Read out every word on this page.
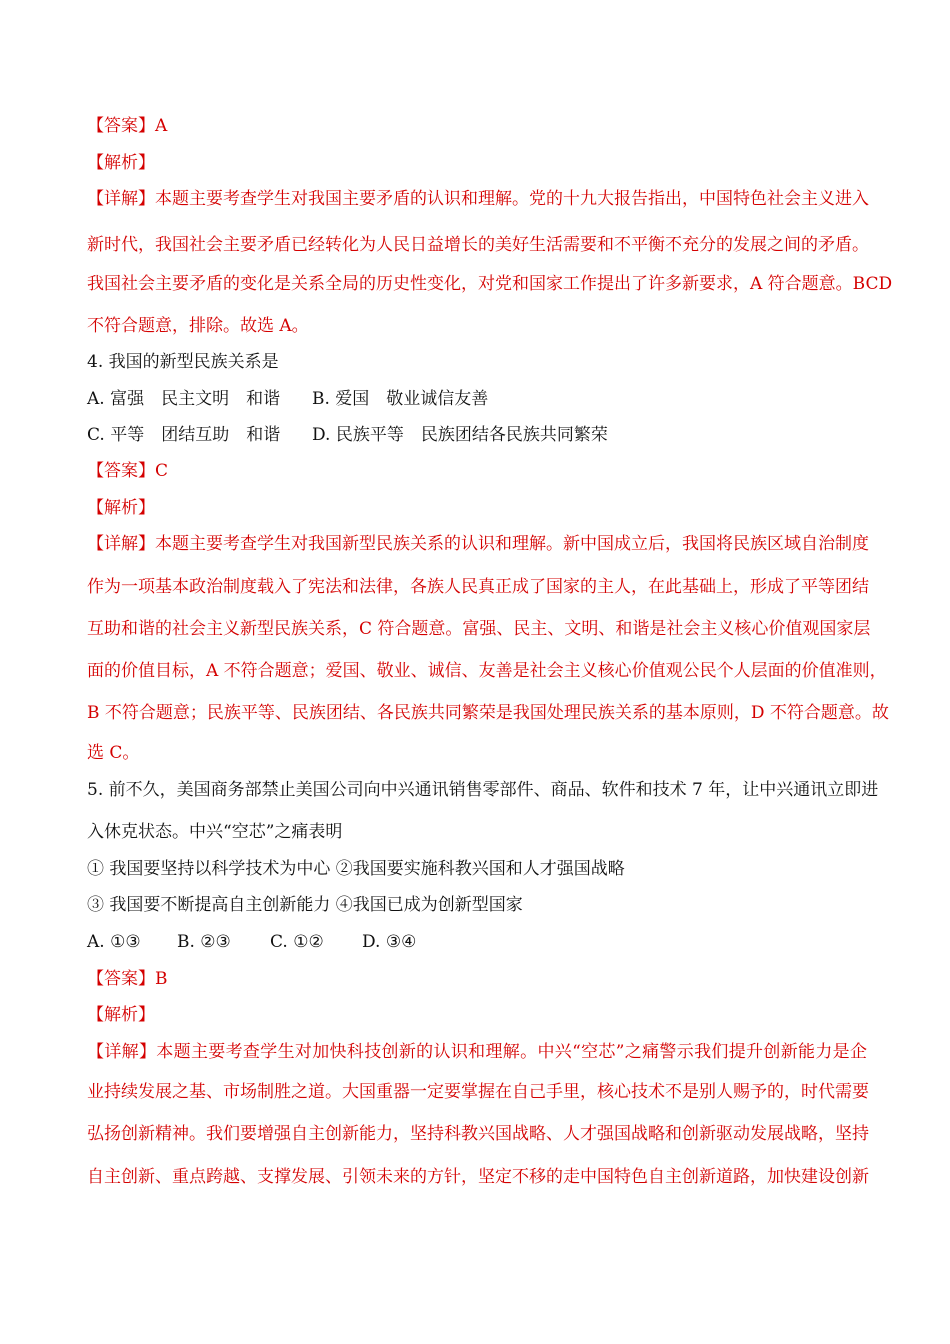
【答案】A
【解析】
【详解】本题主要考查学生对我国主要矛盾的认识和理解。党的十九大报告指出，中国特色社会主义进入
新时代，我国社会主要矛盾已经转化为人民日益增长的美好生活需要和不平衡不充分的发展之间的矛盾。
我国社会主要矛盾的变化是关系全局的历史性变化，对党和国家工作提出了许多新要求，A 符合题意。BCD
不符合题意，排除。故选 A。
4. 我国的新型民族关系是
A. 富强　民主文明　和谐 B. 爱国　敬业诚信友善
C. 平等　团结互助　和谐 D. 民族平等　民族团结各民族共同繁荣
【答案】C
【解析】
【详解】本题主要考查学生对我国新型民族关系的认识和理解。新中国成立后，我国将民族区域自治制度
作为一项基本政治制度载入了宪法和法律，各族人民真正成了国家的主人，在此基础上，形成了平等团结
互助和谐的社会主义新型民族关系，C 符合题意。富强、民主、文明、和谐是社会主义核心价值观国家层
面的价值目标，A 不符合题意；爱国、敬业、诚信、友善是社会主义核心价值观公民个人层面的价值准则，
B 不符合题意；民族平等、民族团结、各民族共同繁荣是我国处理民族关系的基本原则，D 不符合题意。故
选 C。
5. 前不久，美国商务部禁止美国公司向中兴通讯销售零部件、商品、软件和技术 7 年，让中兴通讯立即进
入休克状态。中兴“空芯”之痛表明
① 我国要坚持以科学技术为中心 ②我国要实施科教兴国和人才强国战略
③ 我国要不断提高自主创新能力 ④我国已成为创新型国家
A. ①③ B. ②③ C. ①② D. ③④
【答案】B
【解析】
【详解】本题主要考查学生对加快科技创新的认识和理解。中兴“空芯”之痛警示我们提升创新能力是企
业持续发展之基、市场制胜之道。大国重器一定要掌握在自己手里，核心技术不是别人赐予的，时代需要
弘扬创新精神。我们要增强自主创新能力，坚持科教兴国战略、人才强国战略和创新驱动发展战略，坚持
自主创新、重点跨越、支撑发展、引领未来的方针，坚定不移的走中国特色自主创新道路，加快建设创新
